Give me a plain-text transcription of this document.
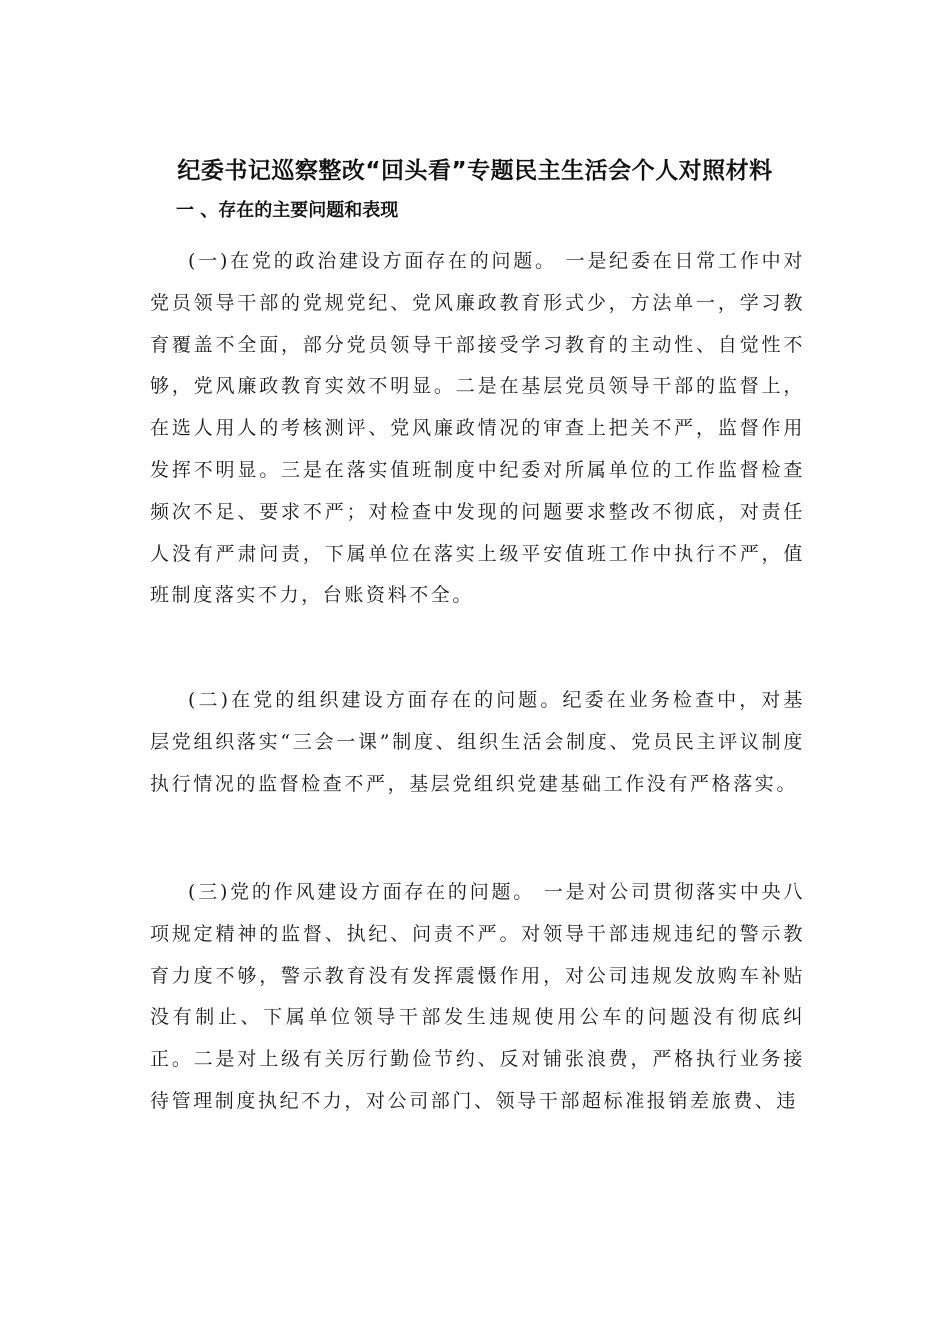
纪委书记巡察整改“回头看”专题民主生活会个人对照材料
一 、存在的主要问题和表现

(一)在党的政治建设方面存在的问题。 一是纪委在日常工作中对党员领导干部的党规党纪、党风廉政教育形式少，方法单一，学习教育覆盖不全面，部分党员领导干部接受学习教育的主动性、自觉性不够，党风廉政教育实效不明显。二是在基层党员领导干部的监督上，在选人用人的考核测评、党风廉政情况的审查上把关不严，监督作用发挥不明显。三是在落实值班制度中纪委对所属单位的工作监督检查频次不足、要求不严；对检查中发现的问题要求整改不彻底，对责任人没有严肃问责，下属单位在落实上级平安值班工作中执行不严，值班制度落实不力，台账资料不全。

(二)在党的组织建设方面存在的问题。纪委在业务检查中，对基层党组织落实“三会一课”制度、组织生活会制度、党员民主评议制度执行情况的监督检查不严，基层党组织党建基础工作没有严格落实。

(三)党的作风建设方面存在的问题。 一是对公司贯彻落实中央八项规定精神的监督、执纪、问责不严。对领导干部违规违纪的警示教育力度不够，警示教育没有发挥震慑作用，对公司违规发放购车补贴没有制止、下属单位领导干部发生违规使用公车的问题没有彻底纠正。二是对上级有关厉行勤俭节约、反对铺张浪费，严格执行业务接待管理制度执纪不力，对公司部门、领导干部超标准报销差旅费、违
